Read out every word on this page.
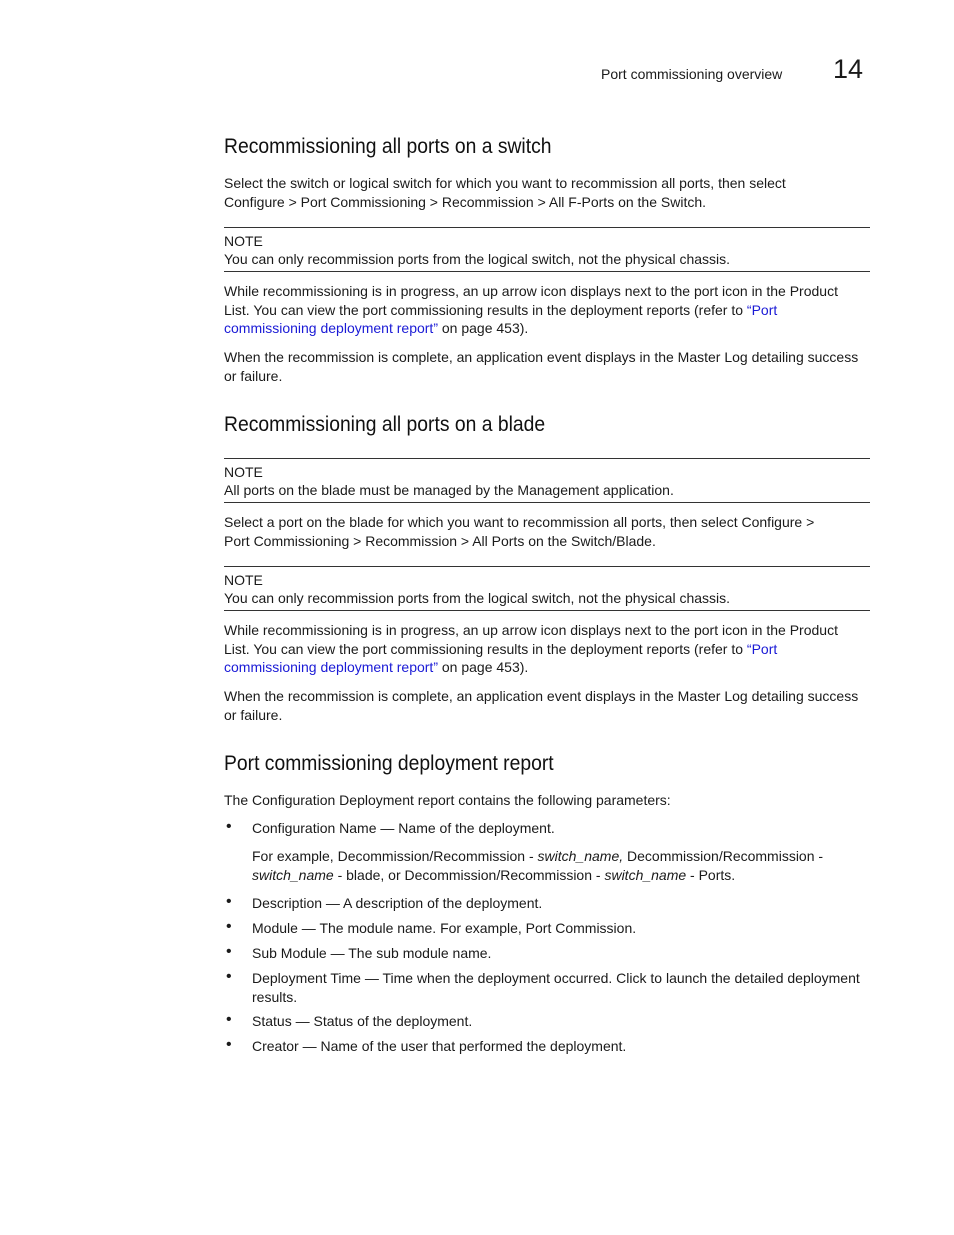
Port commissioning overview 14
Recommissioning all ports on a switch

Select the switch or logical switch for which you want to recommission all ports, then select
Configure > Port Commissioning > Recommission > All F-Ports on the Switch.

NOTE
You can only recommission ports from the logical switch, not the physical chassis.

While recommissioning is in progress, an up arrow icon displays next to the port icon in the Product
List. You can view the port commissioning results in the deployment reports (refer to “Port
commissioning deployment report” on page 453).

When the recommission is complete, an application event displays in the Master Log detailing success or failure.

Recommissioning all ports on a blade
NOTE
All ports on the blade must be managed by the Management application.

Select a port on the blade for which you want to recommission all ports, then select Configure >
Port Commissioning > Recommission > All Ports on the Switch/Blade.

NOTE
You can only recommission ports from the logical switch, not the physical chassis.

While recommissioning is in progress, an up arrow icon displays next to the port icon in the Product
List. You can view the port commissioning results in the deployment reports (refer to “Port
commissioning deployment report” on page 453).

When the recommission is complete, an application event displays in the Master Log detailing success or failure.

Port commissioning deployment report

The Configuration Deployment report contains the following parameters:

• Configuration Name — Name of the deployment.
• Description — A description of the deployment.
• Module — The module name. For example, Port Commission.
• Sub Module — The sub module name.
• Deployment Time — Time when the deployment occurred. Click to launch the detailed deployment results.
• Status — Status of the deployment.
• Creator — Name of the user that performed the deployment.
For example, Decommission/Recommission - switch_name, Decommission/Recommission - switch_name - blade, or Decommission/Recommission - switch_name - Ports.
